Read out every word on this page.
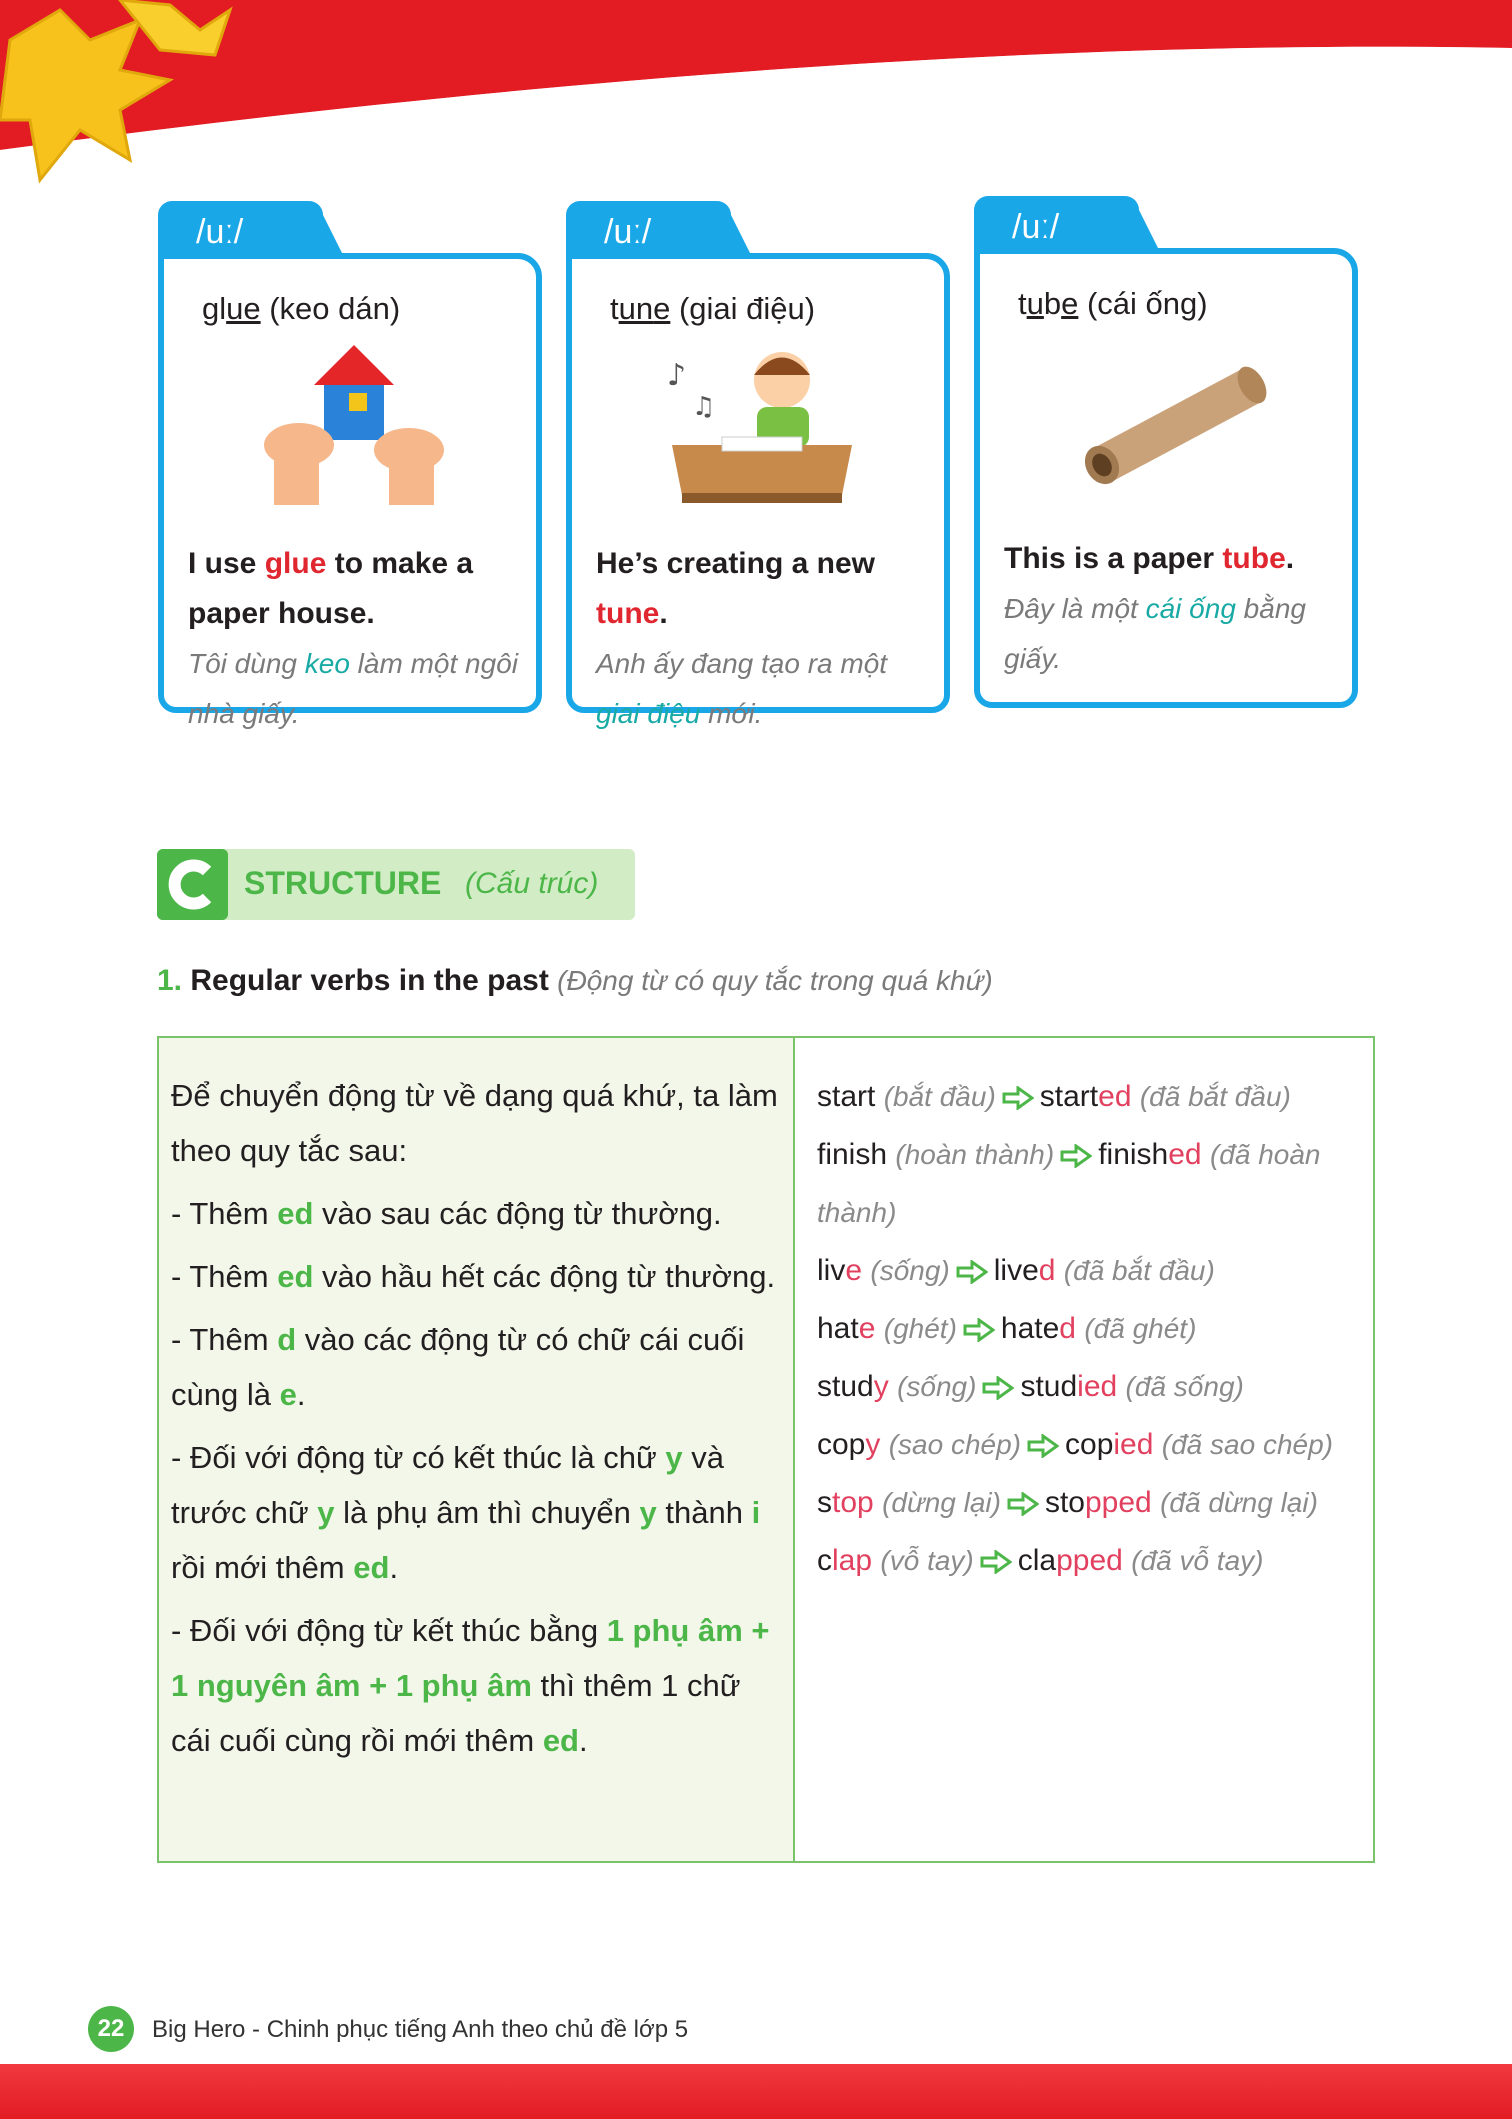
/uː/
glue (keo dán)
I use glue to make a paper house.
Tôi dùng keo làm một ngôi nhà giấy.
/uː/
tune (giai điệu)
♪
♫
He’s creating a new tune.
Anh ấy đang tạo ra một giai điệu mới.
/uː/
tube (cái ống)
This is a paper tube.
Đây là một cái ống bằng giấy.
STRUCTURE (Cấu trúc)
1. Regular verbs in the past (Động từ có quy tắc trong quá khứ)

Để chuyển động từ về dạng quá khứ, ta làm theo quy tắc sau:

- Thêm ed vào sau các động từ thường.

- Thêm ed vào hầu hết các động từ thường.

- Thêm d vào các động từ có chữ cái cuối cùng là e.

- Đối với động từ có kết thúc là chữ y và trước chữ y là phụ âm thì chuyển y thành i rồi mới thêm ed.

- Đối với động từ kết thúc bằng 1 phụ âm + 1 nguyên âm + 1 phụ âm thì thêm 1 chữ cái cuối cùng rồi mới thêm ed.

start (bắt đầu) started (đã bắt đầu)
finish (hoàn thành) finished (đã hoàn thành)
live (sống) lived (đã bắt đầu)
hate (ghét) hated (đã ghét)
study (sống) studied (đã sống)
copy (sao chép) copied (đã sao chép)
stop (dừng lại) stopped (đã dừng lại)
clap (vỗ tay) clapped (đã vỗ tay)
22	Big Hero - Chinh phục tiếng Anh theo chủ đề lớp 5
